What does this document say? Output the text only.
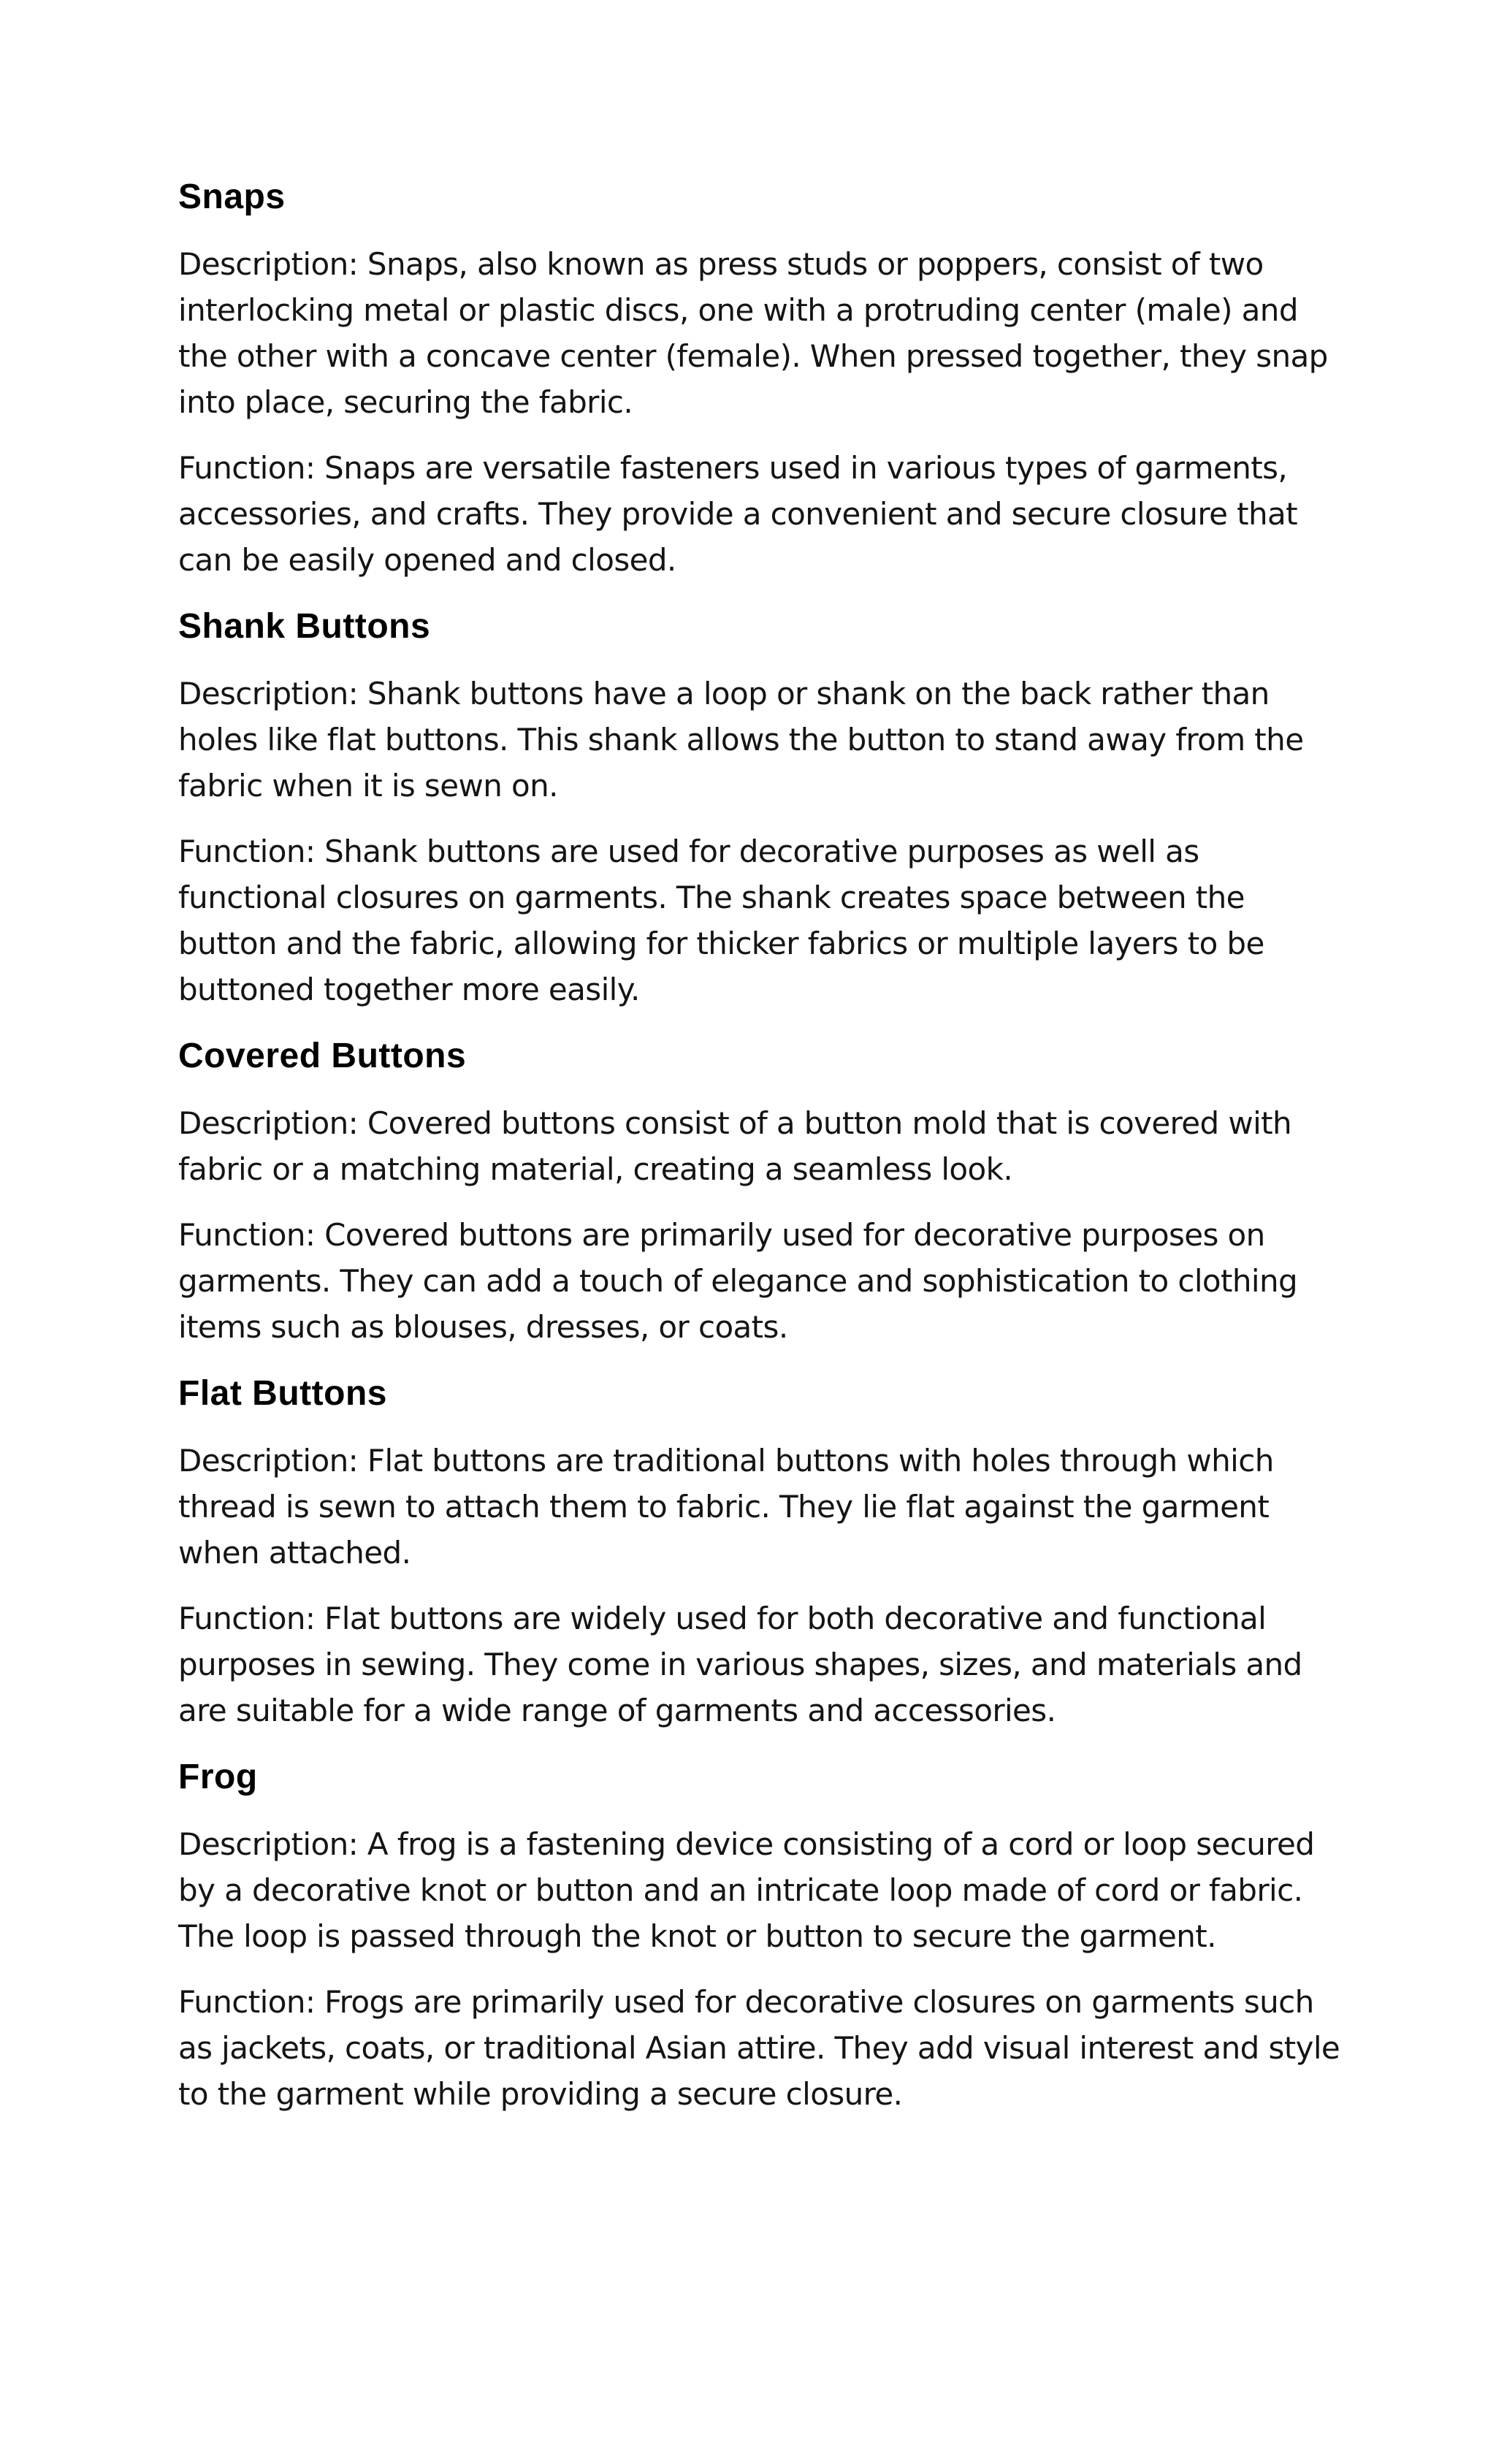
Snaps

Description: Snaps, also known as press studs or poppers, consist of two interlocking metal or plastic discs, one with a protruding center (male) and the other with a concave center (female). When pressed together, they snap into place, securing the fabric.

Function: Snaps are versatile fasteners used in various types of garments, accessories, and crafts. They provide a convenient and secure closure that can be easily opened and closed.

Shank Buttons

Description: Shank buttons have a loop or shank on the back rather than holes like flat buttons. This shank allows the button to stand away from the fabric when it is sewn on.

Function: Shank buttons are used for decorative purposes as well as functional closures on garments. The shank creates space between the button and the fabric, allowing for thicker fabrics or multiple layers to be buttoned together more easily.

Covered Buttons

Description: Covered buttons consist of a button mold that is covered with fabric or a matching material, creating a seamless look.

Function: Covered buttons are primarily used for decorative purposes on garments. They can add a touch of elegance and sophistication to clothing items such as blouses, dresses, or coats.

Flat Buttons

Description: Flat buttons are traditional buttons with holes through which thread is sewn to attach them to fabric. They lie flat against the garment when attached.

Function: Flat buttons are widely used for both decorative and functional purposes in sewing. They come in various shapes, sizes, and materials and are suitable for a wide range of garments and accessories.

Frog

Description: A frog is a fastening device consisting of a cord or loop secured by a decorative knot or button and an intricate loop made of cord or fabric. The loop is passed through the knot or button to secure the garment.

Function: Frogs are primarily used for decorative closures on garments such as jackets, coats, or traditional Asian attire. They add visual interest and style to the garment while providing a secure closure.
